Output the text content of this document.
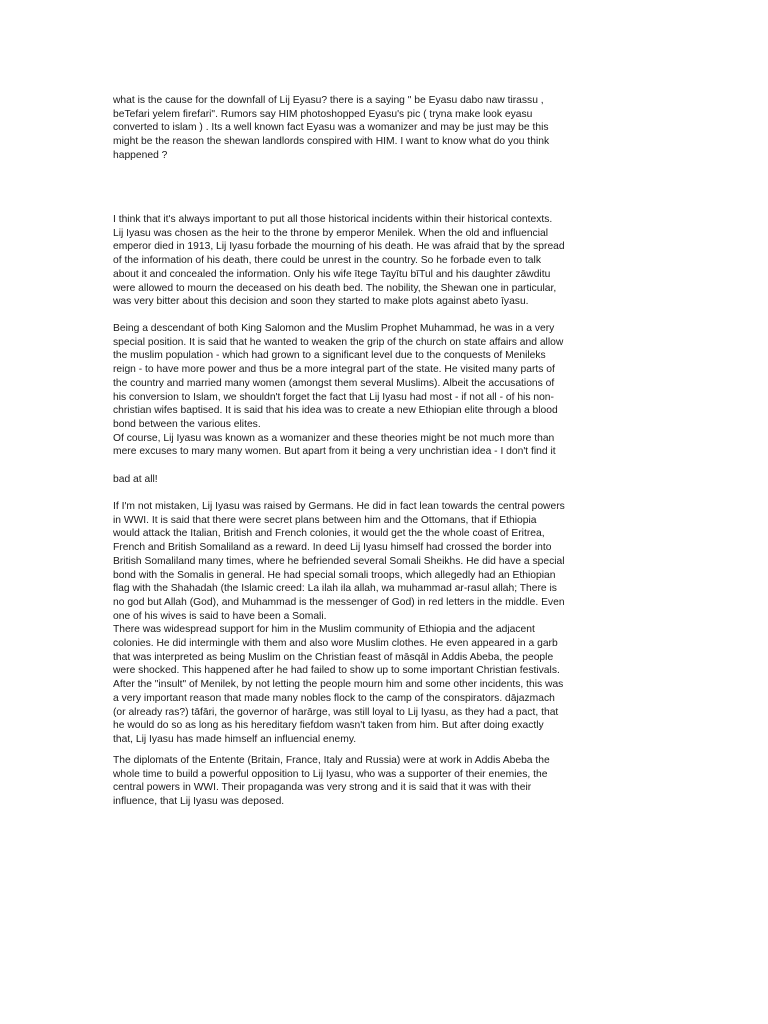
what is the cause for the downfall of Lij Eyasu? there is a saying " be Eyasu dabo naw tirassu ,
beTefari yelem firefari". Rumors say HIM photoshopped Eyasu's pic ( tryna make look eyasu
converted to islam ) . Its a well known fact Eyasu was a womanizer and may be just may be this
might be the reason the shewan landlords conspired with HIM. I want to know what do you think
happened ?

I think that it's always important to put all those historical incidents within their historical contexts.
Lij Iyasu was chosen as the heir to the throne by emperor Menilek. When the old and influencial
emperor died in 1913, Lij Iyasu forbade the mourning of his death. He was afraid that by the spread
of the information of his death, there could be unrest in the country. So he forbade even to talk
about it and concealed the information. Only his wife ītege Tayītu bīTul and his daughter zāwditu
were allowed to mourn the deceased on his death bed. The nobility, the Shewan one in particular,
was very bitter about this decision and soon they started to make plots against abeto īyasu.

Being a descendant of both King Salomon and the Muslim Prophet Muhammad, he was in a very
special position. It is said that he wanted to weaken the grip of the church on state affairs and allow
the muslim population - which had grown to a significant level due to the conquests of Menileks
reign - to have more power and thus be a more integral part of the state. He visited many parts of
the country and married many women (amongst them several Muslims). Albeit the accusations of
his conversion to Islam, we shouldn't forget the fact that Lij Iyasu had most - if not all - of his non-
christian wifes baptised. It is said that his idea was to create a new Ethiopian elite through a blood
bond between the various elites.
Of course, Lij Iyasu was known as a womanizer and these theories might be not much more than
mere excuses to mary many women. But apart from it being a very unchristian idea - I don't find it

bad at all!

If I'm not mistaken, Lij Iyasu was raised by Germans. He did in fact lean towards the central powers
in WWI. It is said that there were secret plans between him and the Ottomans, that if Ethiopia
would attack the Italian, British and French colonies, it would get the the whole coast of Eritrea,
French and British Somaliland as a reward. In deed Lij Iyasu himself had crossed the border into
British Somaliland many times, where he befriended several Somali Sheikhs. He did have a special
bond with the Somalis in general. He had special somali troops, which allegedly had an Ethiopian
flag with the Shahadah (the Islamic creed: La ilah ila allah, wa muhammad ar-rasul allah; There is
no god but Allah (God), and Muhammad is the messenger of God) in red letters in the middle. Even
one of his wives is said to have been a Somali.
There was widespread support for him in the Muslim community of Ethiopia and the adjacent
colonies. He did intermingle with them and also wore Muslim clothes. He even appeared in a garb
that was interpreted as being Muslim on the Christian feast of māsqāl in Addis Abeba, the people
were shocked. This happened after he had failed to show up to some important Christian festivals.
After the "insult" of Menilek, by not letting the people mourn him and some other incidents, this was
a very important reason that made many nobles flock to the camp of the conspirators. dājazmach
(or already ras?) tāfāri, the governor of harārge, was still loyal to Lij Iyasu, as they had a pact, that
he would do so as long as his hereditary fiefdom wasn't taken from him. But after doing exactly
that, Lij Iyasu has made himself an influencial enemy.

The diplomats of the Entente (Britain, France, Italy and Russia) were at work in Addis Abeba the
whole time to build a powerful opposition to Lij Iyasu, who was a supporter of their enemies, the
central powers in WWI. Their propaganda was very strong and it is said that it was with their
influence, that Lij Iyasu was deposed.
